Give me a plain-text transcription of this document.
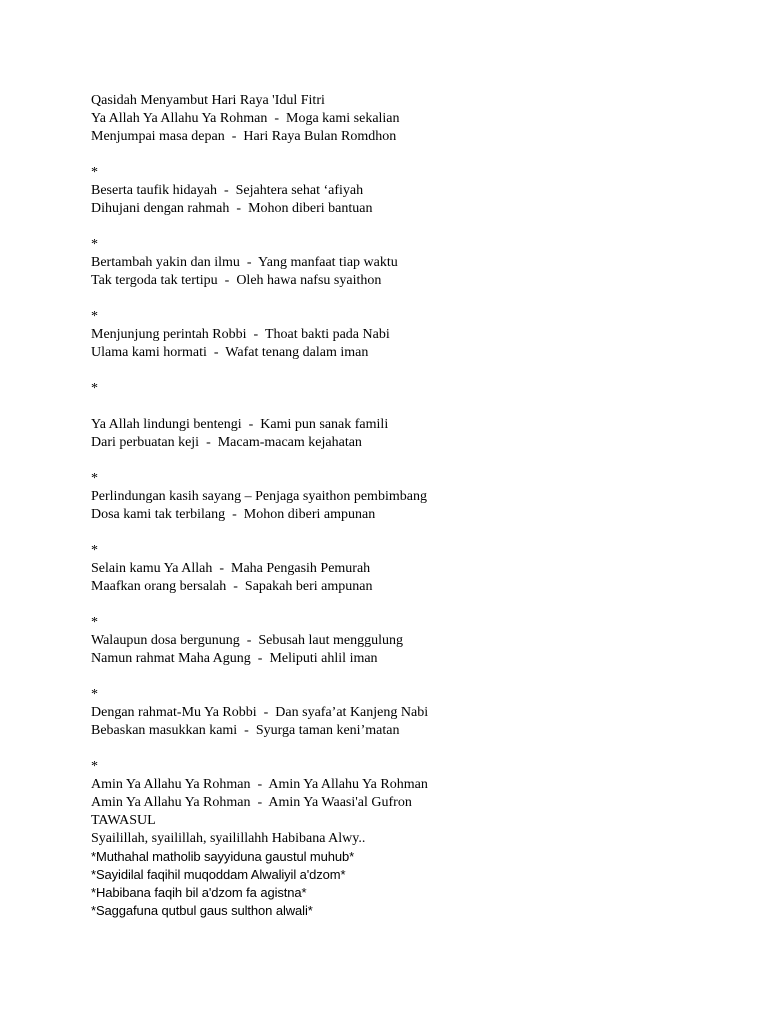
Qasidah Menyambut Hari Raya 'Idul Fitri
Ya Allah Ya Allahu Ya Rohman  -  Moga kami sekalian
Menjumpai masa depan  -  Hari Raya Bulan Romdhon
*
Beserta taufik hidayah  -  Sejahtera sehat ‘afiyah
Dihujani dengan rahmah  -  Mohon diberi bantuan
*
Bertambah yakin dan ilmu  -  Yang manfaat tiap waktu
Tak tergoda tak tertipu  -  Oleh hawa nafsu syaithon
*
Menjunjung perintah Robbi  -  Thoat bakti pada Nabi
Ulama kami hormati  -  Wafat tenang dalam iman
*
Ya Allah lindungi bentengi  -  Kami pun sanak famili
Dari perbuatan keji  -  Macam-macam kejahatan
*
Perlindungan kasih sayang – Penjaga syaithon pembimbang
Dosa kami tak terbilang  -  Mohon diberi ampunan
*
Selain kamu Ya Allah  -  Maha Pengasih Pemurah
Maafkan orang bersalah  -  Sapakah beri ampunan
*
Walaupun dosa bergunung  -  Sebusah laut menggulung
Namun rahmat Maha Agung  -  Meliputi ahlil iman
*
Dengan rahmat-Mu Ya Robbi  -  Dan syafa’at Kanjeng Nabi
Bebaskan masukkan kami  -  Syurga taman keni’matan
*
Amin Ya Allahu Ya Rohman  -  Amin Ya Allahu Ya Rohman
Amin Ya Allahu Ya Rohman  -  Amin Ya Waasi'al Gufron
TAWASUL
Syailillah, syailillah, syailillahh Habibana Alwy..
*Muthahal matholib sayyiduna gaustul muhub*
*Sayidilal faqihil muqoddam Alwaliyil a'dzom*
*Habibana faqih bil a'dzom fa agistna*
*Saggafuna qutbul gaus sulthon alwali*
